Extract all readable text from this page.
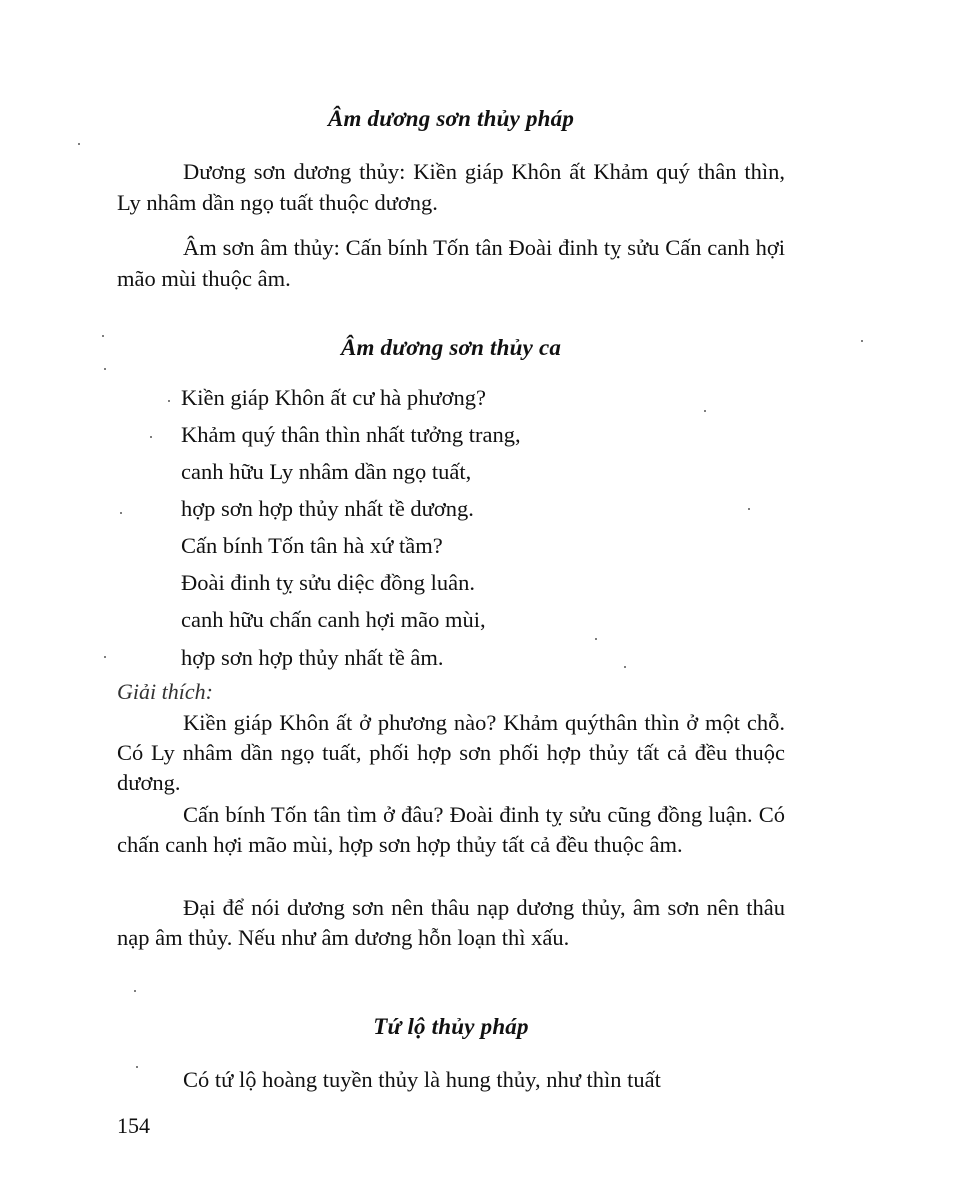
Âm dương sơn thủy pháp
Dương sơn dương thủy: Kiền giáp Khôn ất Khảm quý thân thìn, Ly nhâm dần ngọ tuất thuộc dương.
Âm sơn âm thủy: Cấn bính Tốn tân Đoài đinh tỵ sửu Cấn canh hợi mão mùi thuộc âm.
Âm dương sơn thủy ca
Kiền giáp Khôn ất cư hà phương?
Khảm quý thân thìn nhất tưởng trang,
canh hữu Ly nhâm dần ngọ tuất,
hợp sơn hợp thủy nhất tề dương.
Cấn bính Tốn tân hà xứ tầm?
Đoài đinh tỵ sửu diệc đồng luân.
canh hữu chấn canh hợi mão mùi,
hợp sơn hợp thủy nhất tề âm.
Giải thích:
Kiền giáp Khôn ất ở phương nào? Khảm quýthân thìn ở một chỗ. Có Ly nhâm dần ngọ tuất, phối hợp sơn phối hợp thủy tất cả đều thuộc dương.
Cấn bính Tốn tân tìm ở đâu? Đoài đinh tỵ sửu cũng đồng luận. Có chấn canh hợi mão mùi, hợp sơn hợp thủy tất cả đều thuộc âm.
Đại để nói dương sơn nên thâu nạp dương thủy, âm sơn nên thâu nạp âm thủy. Nếu như âm dương hỗn loạn thì xấu.
Tứ lộ thủy pháp
Có tứ lộ hoàng tuyền thủy là hung thủy, như thìn tuất
154
